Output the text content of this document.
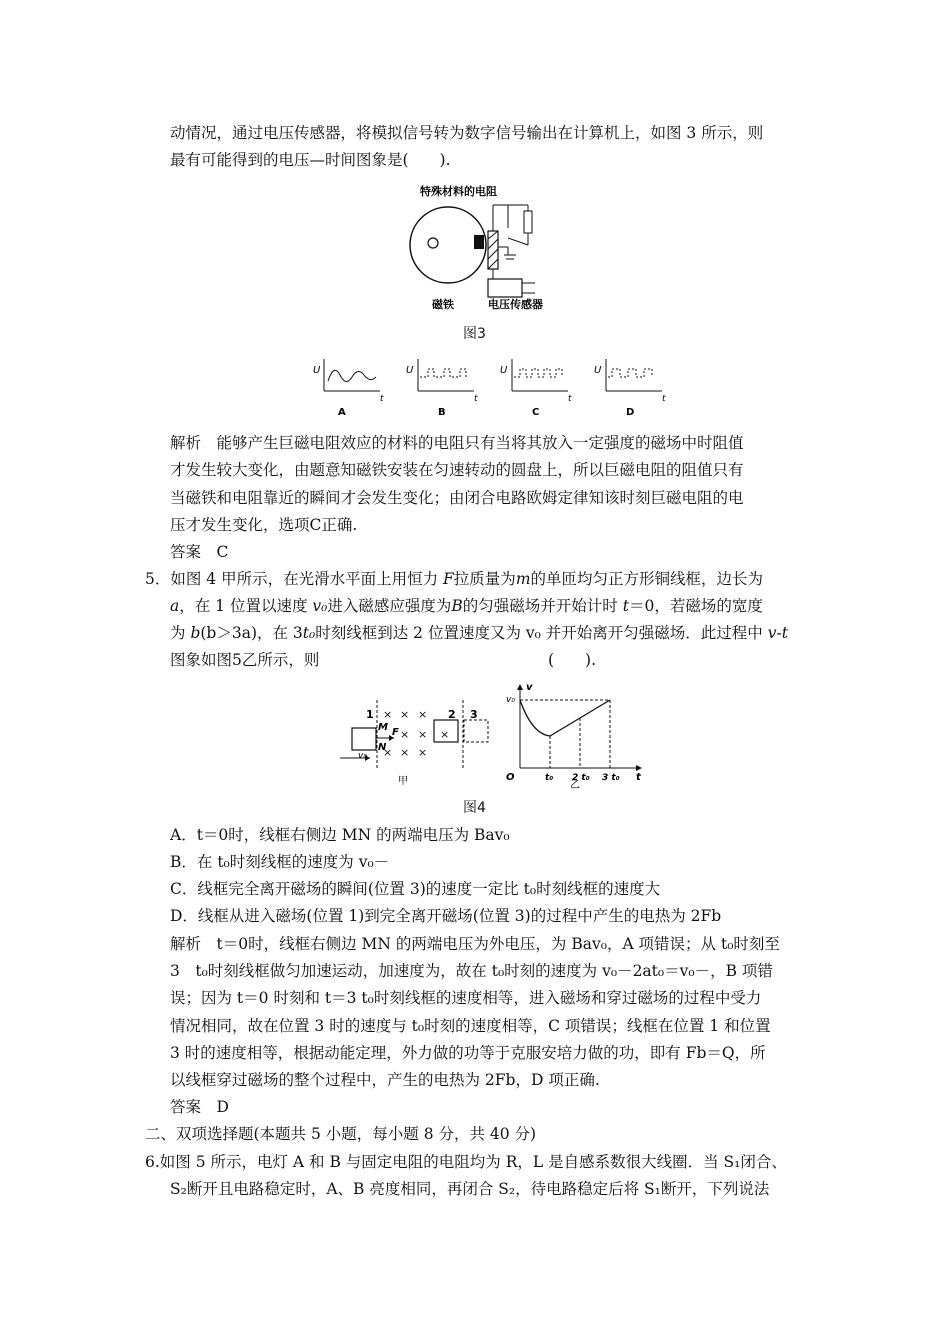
动情况，通过电压传感器，将模拟信号转为数字信号输出在计算机上，如图 3 所示，则
最有可能得到的电压—时间图象是(　　).
特殊材料的电阻
磁铁	电压传感器
图3
U
t
A
U
t
B
U
t
C
U
t
D
解析　 能够产生巨磁电阻效应的材料的电阻只有当将其放入一定强度的磁场中时阻值
才发生较大变化，由题意知磁铁安装在匀速转动的圆盘上，所以巨磁电阻的阻值只有
当磁铁和电阻靠近的瞬间才会发生变化；由闭合电路欧姆定律知该时刻巨磁电阻的电
压才发生变化，选项C正确.
答案　 C
5．如图 4 甲所示，在光滑水平面上用恒力 F拉质量为m的单匝均匀正方形铜线框，边长为
a，在 1 位置以速度 v₀进入磁感应强度为B的匀强磁场并开始计时 t＝0，若磁场的宽度
为 b(b＞3a)，在 3t₀时刻线框到达 2 位置速度又为 v₀ 并开始离开匀强磁场．此过程中 v-t
图象如图5乙所示，则	(　　).
1	2 3
× × ×
× × ×
× × ×
M
N
F
v₀
甲
v
t
O
v₀
t₀ 2 t₀ 3 t₀
乙
图4
A．t＝0时，线框右侧边 MN 的两端电压为 Bav₀
B．在 t₀时刻线框的速度为 v₀－
C．线框完全离开磁场的瞬间(位置 3)的速度一定比 t₀时刻线框的速度大
D．线框从进入磁场(位置 1)到完全离开磁场(位置 3)的过程中产生的电热为 2Fb
解析　 t＝0时，线框右侧边 MN 的两端电压为外电压，为 Bav₀，A 项错误；从 t₀时刻至
3　t₀时刻线框做匀加速运动，加速度为，故在 t₀时刻的速度为 v₀－2at₀＝v₀－，B 项错
误；因为 t＝0 时刻和 t＝3 t₀时刻线框的速度相等，进入磁场和穿过磁场的过程中受力
情况相同，故在位置 3 时的速度与 t₀时刻的速度相等，C 项错误；线框在位置 1 和位置
3 时的速度相等，根据动能定理，外力做的功等于克服安培力做的功，即有 Fb＝Q，所
以线框穿过磁场的整个过程中，产生的电热为 2Fb，D 项正确.
答案　 D
二、双项选择题(本题共 5 小题，每小题 8 分，共 40 分)
6.如图 5 所示，电灯 A 和 B 与固定电阻的电阻均为 R，L 是自感系数很大线圈．当 S₁闭合、
S₂断开且电路稳定时，A、B 亮度相同，再闭合 S₂，待电路稳定后将 S₁断开，下列说法
